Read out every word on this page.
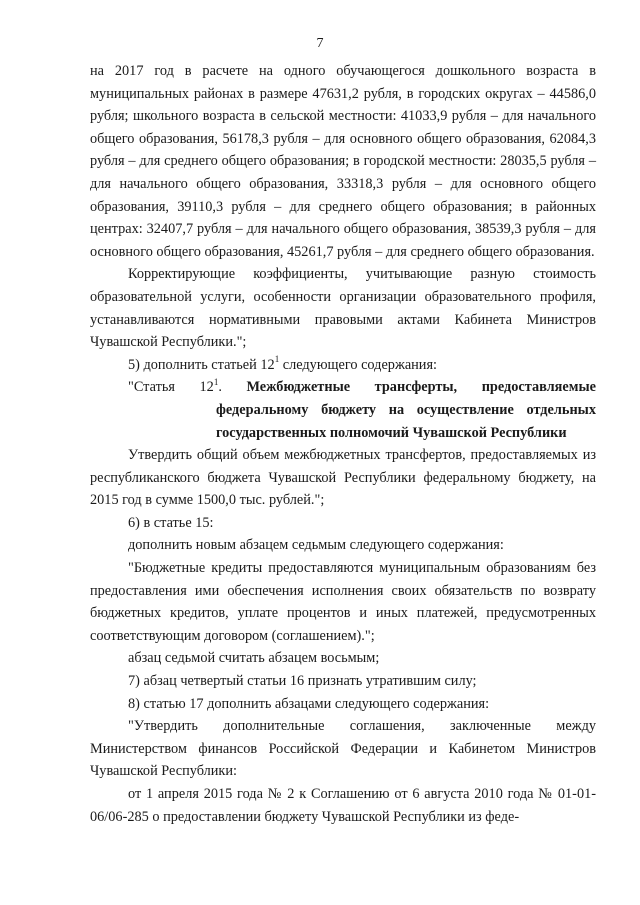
7

на 2017 год в расчете на одного обучающегося дошкольного возраста в муниципальных районах в размере 47631,2 рубля, в городских округах – 44586,0 рубля; школьного возраста в сельской местности: 41033,9 рубля – для начального общего образования, 56178,3 рубля – для основного общего образования, 62084,3 рубля – для среднего общего образования; в городской местности: 28035,5 рубля – для начального общего образования, 33318,3 рубля – для основного общего образования, 39110,3 рубля – для среднего общего образования; в районных центрах: 32407,7 рубля – для начального общего образования, 38539,3 рубля – для основного общего образования, 45261,7 рубля – для среднего общего образования.

Корректирующие коэффициенты, учитывающие разную стоимость образовательной услуги, особенности организации образовательного профиля, устанавливаются нормативными правовыми актами Кабинета Министров Чувашской Республики.";

5) дополнить статьей $12^1$ следующего содержания:

"Статья $12^1$. Межбюджетные трансферты, предоставляемые федеральному бюджету на осуществление отдельных государственных полномочий Чувашской Республики

Утвердить общий объем межбюджетных трансфертов, предоставляемых из республиканского бюджета Чувашской Республики федеральному бюджету, на 2015 год в сумме 1500,0 тыс. рублей.";

6) в статье 15:

дополнить новым абзацем седьмым следующего содержания:

"Бюджетные кредиты предоставляются муниципальным образованиям без предоставления ими обеспечения исполнения своих обязательств по возврату бюджетных кредитов, уплате процентов и иных платежей, предусмотренных соответствующим договором (соглашением).";

абзац седьмой считать абзацем восьмым;

7) абзац четвертый статьи 16 признать утратившим силу;

8) статью 17 дополнить абзацами следующего содержания:

"Утвердить дополнительные соглашения, заключенные между Министерством финансов Российской Федерации и Кабинетом Министров Чувашской Республики:

от 1 апреля 2015 года № 2 к Соглашению от 6 августа 2010 года № 01-01-06/06-285 о предоставлении бюджету Чувашской Республики из феде-
